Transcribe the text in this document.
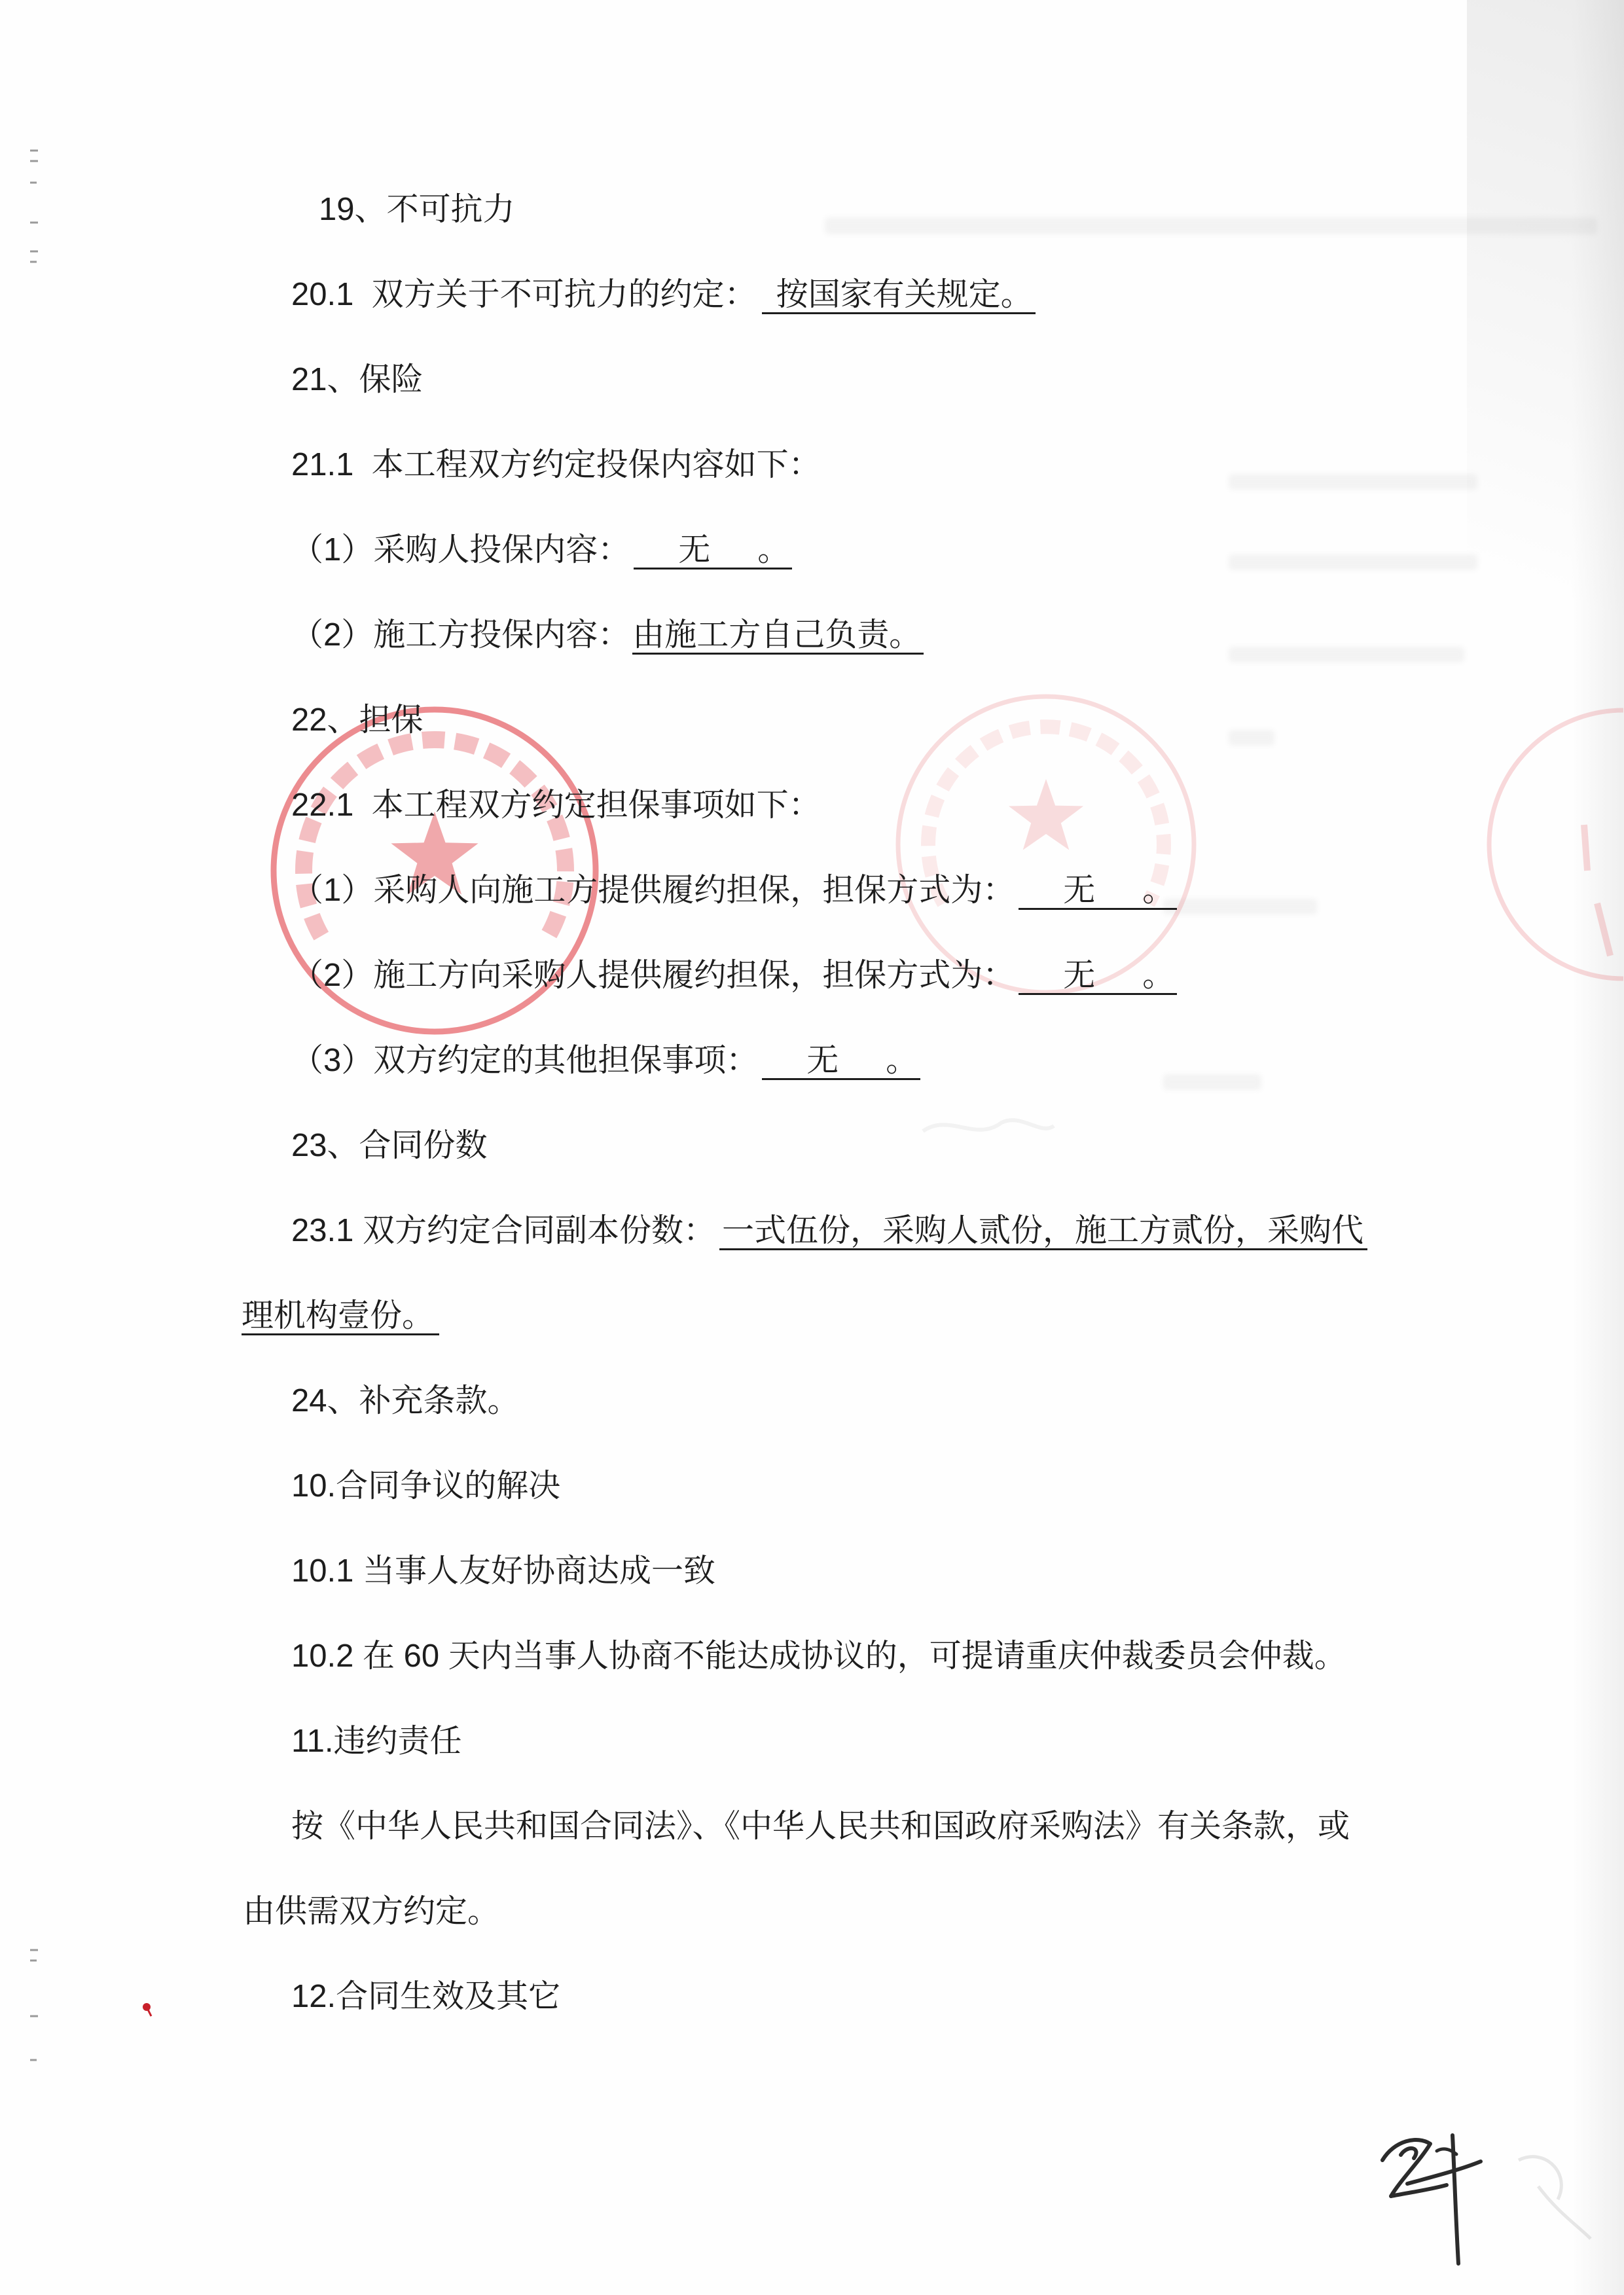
19、不可抗力
20.1  双方关于不可抗力的约定： 按国家有关规定。
21、保险
21.1  本工程双方约定投保内容如下：
（1）采购人投保内容： 无 。
（2）施工方投保内容：由施工方自己负责。
22、担保
22.1  本工程双方约定担保事项如下：
（1）采购人向施工方提供履约担保，担保方式为： 无 。
（2）施工方向采购人提供履约担保，担保方式为： 无 。
（3）双方约定的其他担保事项： 无 。
23、合同份数
23.1 双方约定合同副本份数： 一式伍份，采购人贰份，施工方贰份，采购代
理机构壹份。
24、补充条款。
10.合同争议的解决
10.1 当事人友好协商达成一致
10.2 在 60 天内当事人协商不能达成协议的，可提请重庆仲裁委员会仲裁。
11.违约责任
按《中华人民共和国合同法》、《中华人民共和国政府采购法》有关条款，或
由供需双方约定。
12.合同生效及其它
